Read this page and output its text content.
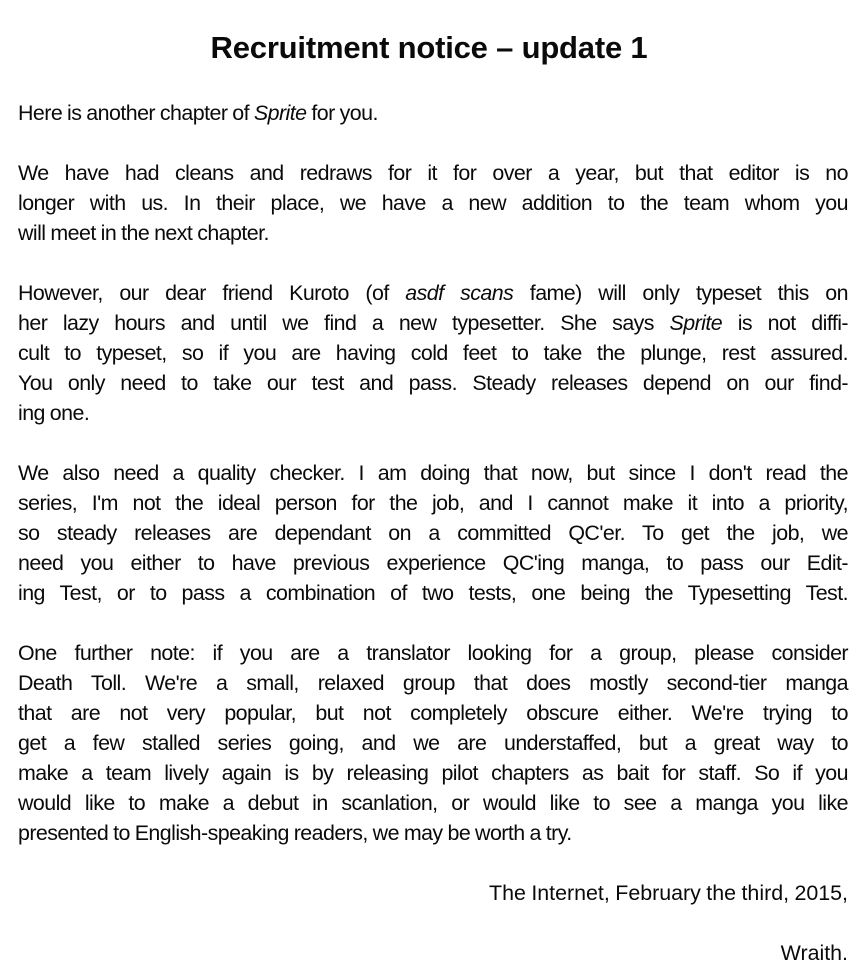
Recruitment notice – update 1
Here is another chapter of Sprite for you.
We have had cleans and redraws for it for over a year, but that editor is no
longer with us. In their place, we have a new addition to the team whom you
will meet in the next chapter.
However, our dear friend Kuroto (of asdf scans fame) will only typeset this on
her lazy hours and until we find a new typesetter. She says Sprite is not diffi-
cult to typeset, so if you are having cold feet to take the plunge, rest assured.
You only need to take our test and pass. Steady releases depend on our find-
ing one.
We also need a quality checker. I am doing that now, but since I don't read the
series, I'm not the ideal person for the job, and I cannot make it into a priority,
so steady releases are dependant on a committed QC'er. To get the job, we
need you either to have previous experience QC'ing manga, to pass our Edit-
ing Test, or to pass a combination of two tests, one being the Typesetting Test.
One further note: if you are a translator looking for a group, please consider
Death Toll. We're a small, relaxed group that does mostly second-tier manga
that are not very popular, but not completely obscure either. We're trying to
get a few stalled series going, and we are understaffed, but a great way to
make a team lively again is by releasing pilot chapters as bait for staff. So if you
would like to make a debut in scanlation, or would like to see a manga you like
presented to English-speaking readers, we may be worth a try.
The Internet, February the third, 2015,
Wraith.
